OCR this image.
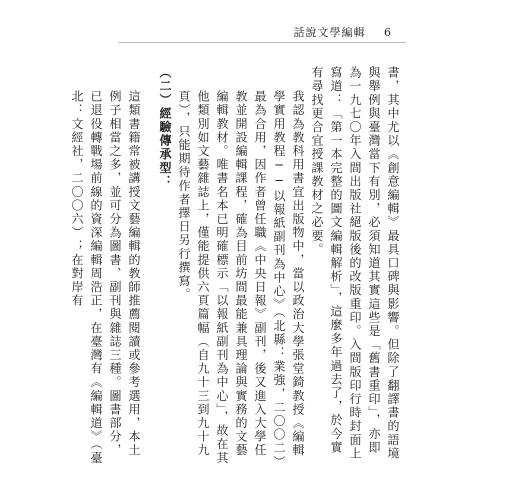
話說文學編輯 6

書，其中尤以《創意編輯》最具口碑與影響。但除了翻譯書的語境與舉例與臺灣當下有別，必須知道其實這些是「舊書重印」，亦即為一九七〇年入間出版社絕版後的改版重印。入間版印行時封面上寫道：「第一本完整的圖文編輯解析」，這麼多年過去了，於今實有尋找更合宜授課教材之必要。

我認為教科用書宜出版物中，當以政治大學張堂錡教授《編輯學實用教程──以報紙副刊為中心》（北縣：業強，二〇〇二）最為合用，因作者曾任職《中央日報》副刊，後又進入大學任教並開設編輯課程，確為目前坊間最能兼具理論與實務的文藝編輯教材。唯書名本已明確標示「以報紙副刊為中心」，故在其他類別如文藝雜誌上，僅能提供六頁篇幅（自九十三到九十九頁），只能期待作者擇日另行撰寫。

（二）經驗傳承型：

這類書籍常被講授文藝編輯的教師推薦閱讀或參考選用，本土例子相當之多，並可分為圖書、副刊與雜誌三種。圖書部分，已退役轉戰場前線的資深編輯周浩正，在臺灣有《編輯道》（臺北：文經社，二〇〇六）；在對岸有
